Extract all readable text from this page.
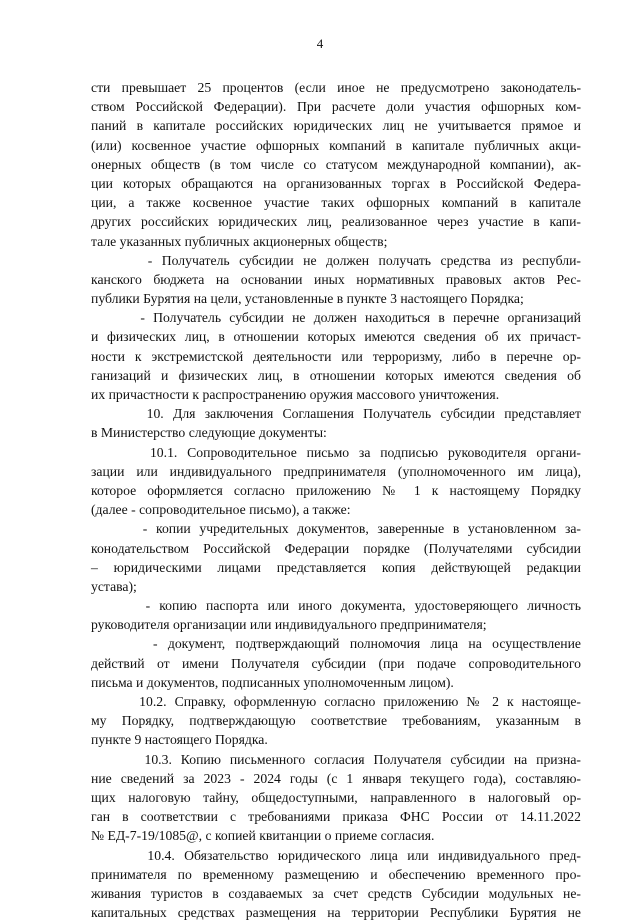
4
сти превышает 25 процентов (если иное не предусмотрено законодатель-
ством Российской Федерации). При расчете доли участия офшорных ком-
паний в капитале российских юридических лиц не учитывается прямое и
(или) косвенное участие офшорных компаний в капитале публичных акци-
онерных обществ (в том числе со статусом международной компании), ак-
ции которых обращаются на организованных торгах в Российской Федера-
ции, а также косвенное участие таких офшорных компаний в капитале
других российских юридических лиц, реализованное через участие в капи-
тале указанных публичных акционерных обществ;
- Получатель субсидии не должен получать средства из республи-
канского бюджета на основании иных нормативных правовых актов Рес-
публики Бурятия на цели, установленные в пункте 3 настоящего Порядка;
- Получатель субсидии не должен находиться в перечне организаций
и физических лиц, в отношении которых имеются сведения об их причаст-
ности к экстремистской деятельности или терроризму, либо в перечне ор-
ганизаций и физических лиц, в отношении которых имеются сведения об
их причастности к распространению оружия массового уничтожения.
10. Для заключения Соглашения Получатель субсидии представляет
в Министерство следующие документы:
10.1. Сопроводительное письмо за подписью руководителя органи-
зации или индивидуального предпринимателя (уполномоченного им лица),
которое оформляется согласно приложению № 1 к настоящему Порядку
(далее - сопроводительное письмо), а также:
- копии учредительных документов, заверенные в установленном за-
конодательством Российской Федерации порядке (Получателями субсидии
– юридическими лицами представляется копия действующей редакции
устава);
- копию паспорта или иного документа, удостоверяющего личность
руководителя организации или индивидуального предпринимателя;
- документ, подтверждающий полномочия лица на осуществление
действий от имени Получателя субсидии (при подаче сопроводительного
письма и документов, подписанных уполномоченным лицом).
10.2. Справку, оформленную согласно приложению № 2 к настояще-
му Порядку, подтверждающую соответствие требованиям, указанным в
пункте 9 настоящего Порядка.
10.3. Копию письменного согласия Получателя субсидии на призна-
ние сведений за 2023 - 2024 годы (с 1 января текущего года), составляю-
щих налоговую тайну, общедоступными, направленного в налоговый ор-
ган в соответствии с требованиями приказа ФНС России от 14.11.2022
№ ЕД-7-19/1085@, с копией квитанции о приеме согласия.
10.4. Обязательство юридического лица или индивидуального пред-
принимателя по временному размещению и обеспечению временного про-
живания туристов в создаваемых за счет средств Субсидии модульных не-
капитальных средствах размещения на территории Республики Бурятия не
